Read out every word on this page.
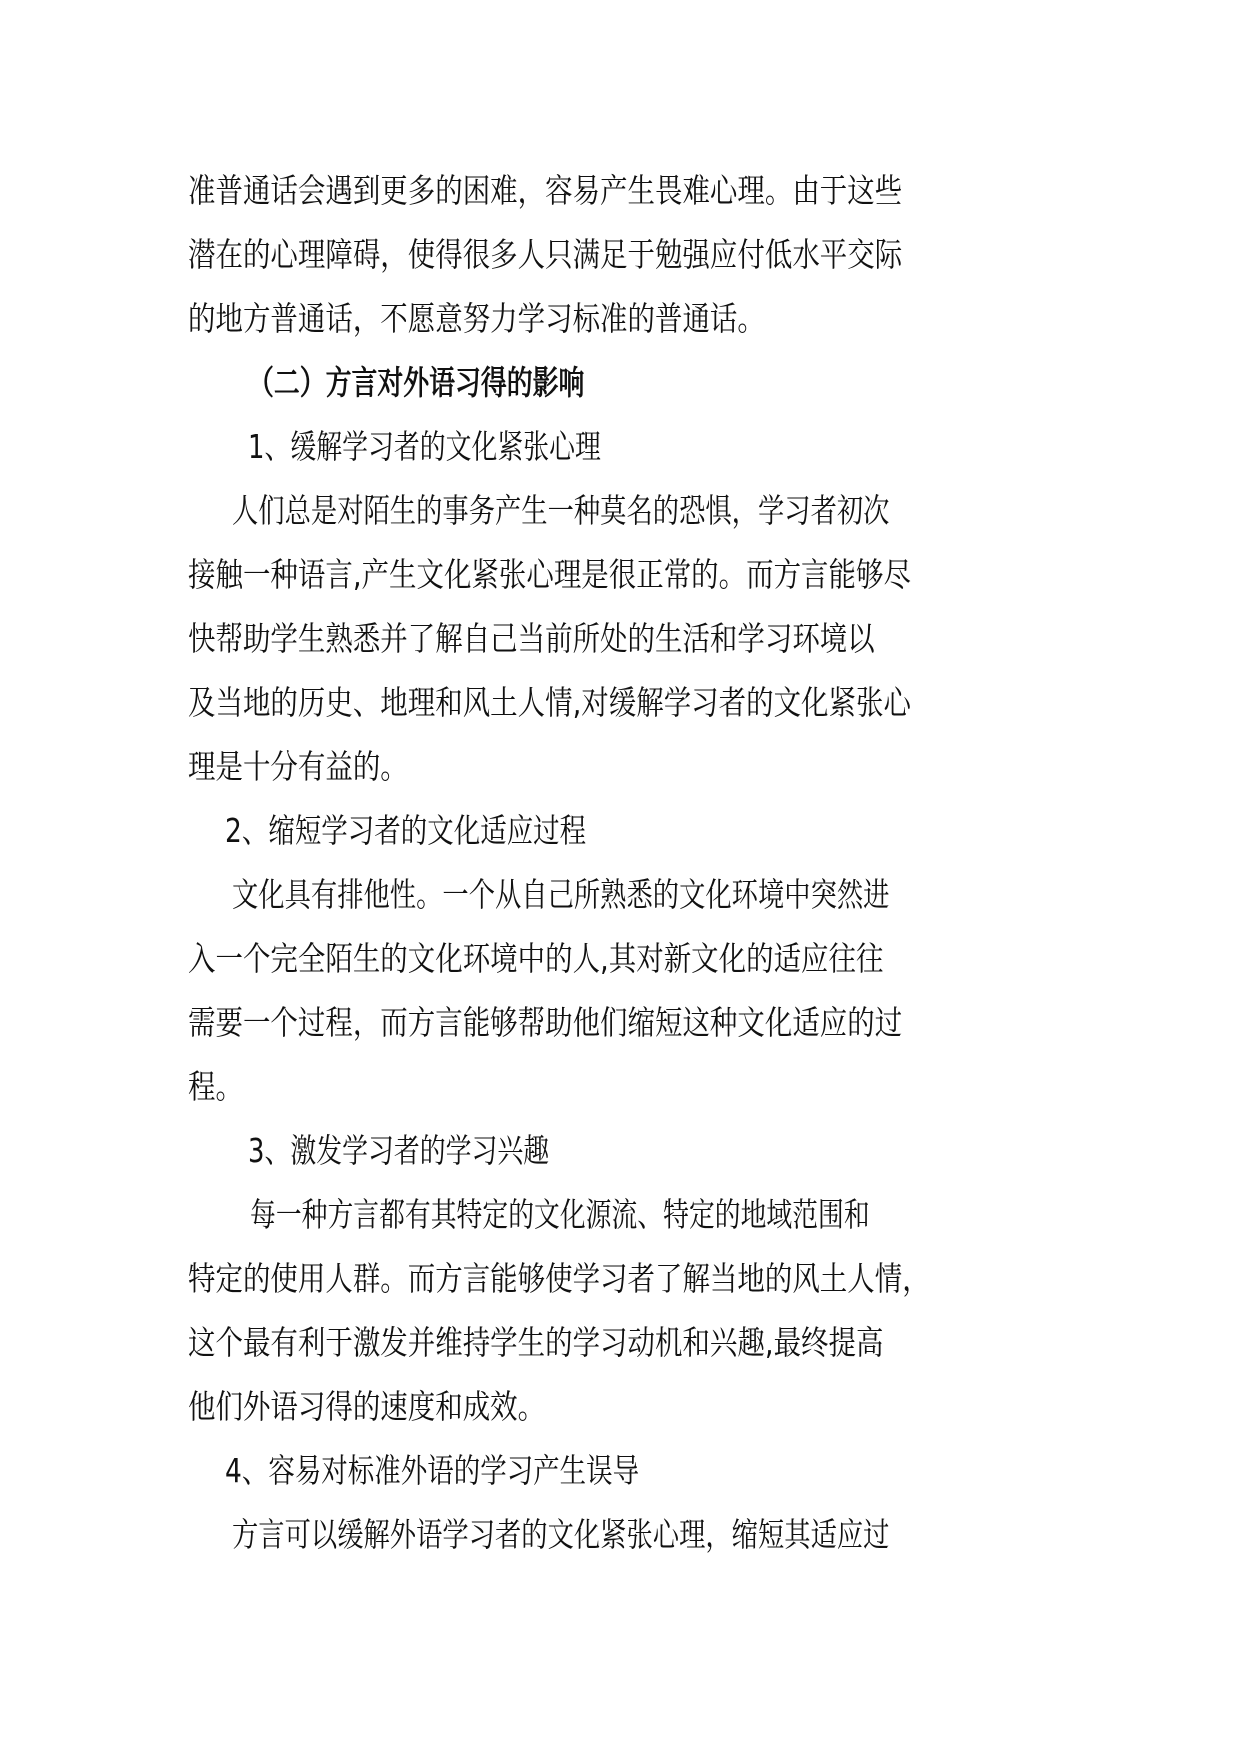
准普通话会遇到更多的困难，容易产生畏难心理。由于这些
潜在的心理障碍，使得很多人只满足于勉强应付低水平交际
的地方普通话，不愿意努力学习标准的普通话。
（二）方言对外语习得的影响
1、缓解学习者的文化紧张心理
人们总是对陌生的事务产生一种莫名的恐惧，学习者初次
接触一种语言,产生文化紧张心理是很正常的。而方言能够尽
快帮助学生熟悉并了解自己当前所处的生活和学习环境以
及当地的历史、地理和风土人情,对缓解学习者的文化紧张心
理是十分有益的。
2、缩短学习者的文化适应过程
文化具有排他性。一个从自己所熟悉的文化环境中突然进
入一个完全陌生的文化环境中的人,其对新文化的适应往往
需要一个过程，而方言能够帮助他们缩短这种文化适应的过
程。
3、激发学习者的学习兴趣
每一种方言都有其特定的文化源流、特定的地域范围和
特定的使用人群。而方言能够使学习者了解当地的风土人情，
这个最有利于激发并维持学生的学习动机和兴趣,最终提高
他们外语习得的速度和成效。
4、容易对标准外语的学习产生误导
方言可以缓解外语学习者的文化紧张心理，缩短其适应过
